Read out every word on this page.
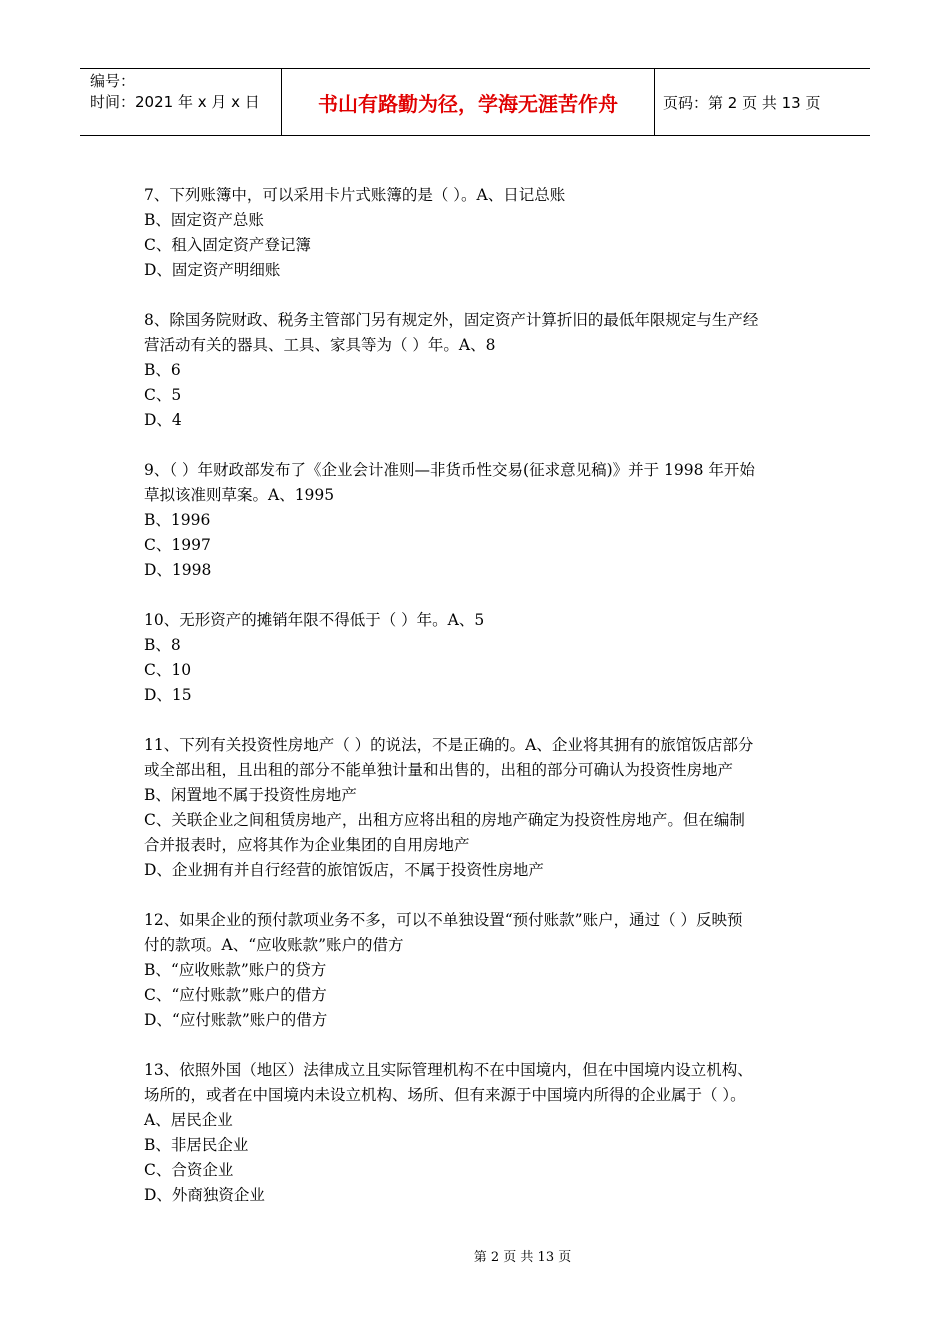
编号：
时间：2021 年 x 月 x 日	书山有路勤为径，学海无涯苦作舟	页码：第 2 页 共 13 页
7、下列账簿中，可以采用卡片式账簿的是（ ）。A、日记总账
B、固定资产总账
C、租入固定资产登记簿
D、固定资产明细账
8、除国务院财政、税务主管部门另有规定外，固定资产计算折旧的最低年限规定与生产经
营活动有关的器具、工具、家具等为（ ）年。A、8
B、6
C、5
D、4
9、（ ）年财政部发布了《企业会计准则—非货币性交易(征求意见稿)》并于 1998 年开始
草拟该准则草案。A、1995
B、1996
C、1997
D、1998
10、无形资产的摊销年限不得低于（ ）年。A、5
B、8
C、10
D、15
11、下列有关投资性房地产（ ）的说法，不是正确的。A、企业将其拥有的旅馆饭店部分
或全部出租，且出租的部分不能单独计量和出售的，出租的部分可确认为投资性房地产
B、闲置地不属于投资性房地产
C、关联企业之间租赁房地产，出租方应将出租的房地产确定为投资性房地产。但在编制
合并报表时，应将其作为企业集团的自用房地产
D、企业拥有并自行经营的旅馆饭店，不属于投资性房地产
12、如果企业的预付款项业务不多，可以不单独设置“预付账款”账户，通过（ ）反映预
付的款项。A、“应收账款”账户的借方
B、“应收账款”账户的贷方
C、“应付账款”账户的借方
D、“应付账款”账户的借方
13、依照外国（地区）法律成立且实际管理机构不在中国境内，但在中国境内设立机构、
场所的，或者在中国境内未设立机构、场所、但有来源于中国境内所得的企业属于（ ）。
A、居民企业
B、非居民企业
C、合资企业
D、外商独资企业
第 2 页 共 13 页
